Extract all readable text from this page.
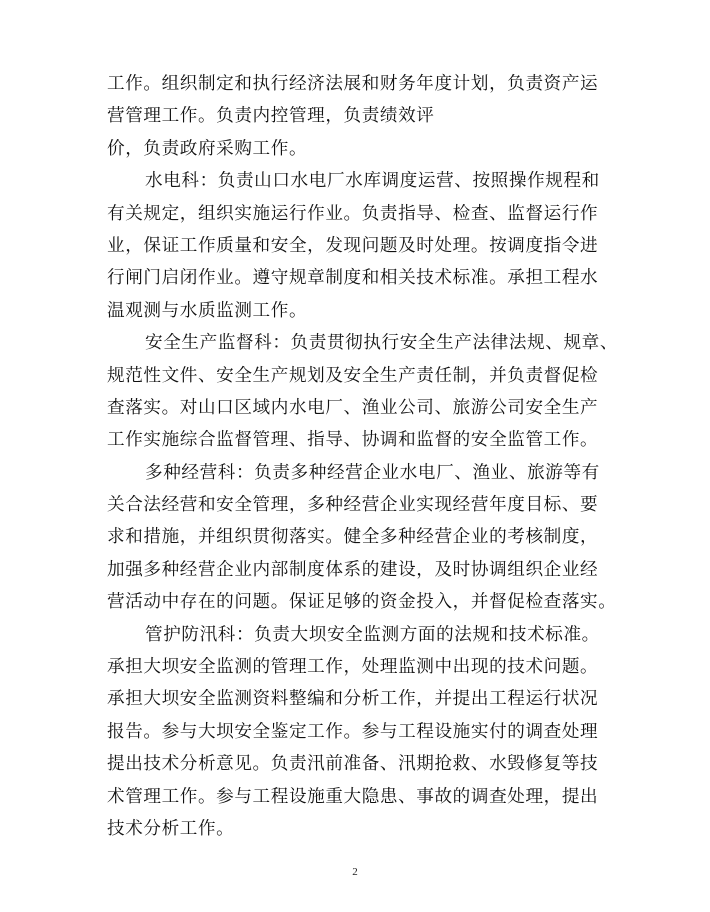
工作。组织制定和执行经济法展和财务年度计划，负责资产运
营管理工作。负责内控管理，负责绩效评
价，负责政府采购工作。
水电科：负责山口水电厂水库调度运营、按照操作规程和
有关规定，组织实施运行作业。负责指导、检查、监督运行作
业，保证工作质量和安全，发现问题及时处理。按调度指令进
行闸门启闭作业。遵守规章制度和相关技术标准。承担工程水
温观测与水质监测工作。
安全生产监督科：负责贯彻执行安全生产法律法规、规章、
规范性文件、安全生产规划及安全生产责任制，并负责督促检
查落实。对山口区域内水电厂、渔业公司、旅游公司安全生产
工作实施综合监督管理、指导、协调和监督的安全监管工作。
多种经营科：负责多种经营企业水电厂、渔业、旅游等有
关合法经营和安全管理，多种经营企业实现经营年度目标、要
求和措施，并组织贯彻落实。健全多种经营企业的考核制度，
加强多种经营企业内部制度体系的建设，及时协调组织企业经
营活动中存在的问题。保证足够的资金投入，并督促检查落实。
管护防汛科：负责大坝安全监测方面的法规和技术标准。
承担大坝安全监测的管理工作，处理监测中出现的技术问题。
承担大坝安全监测资料整编和分析工作，并提出工程运行状况
报告。参与大坝安全鉴定工作。参与工程设施实付的调查处理
提出技术分析意见。负责汛前准备、汛期抢救、水毁修复等技
术管理工作。参与工程设施重大隐患、事故的调查处理，提出
技术分析工作。
2
